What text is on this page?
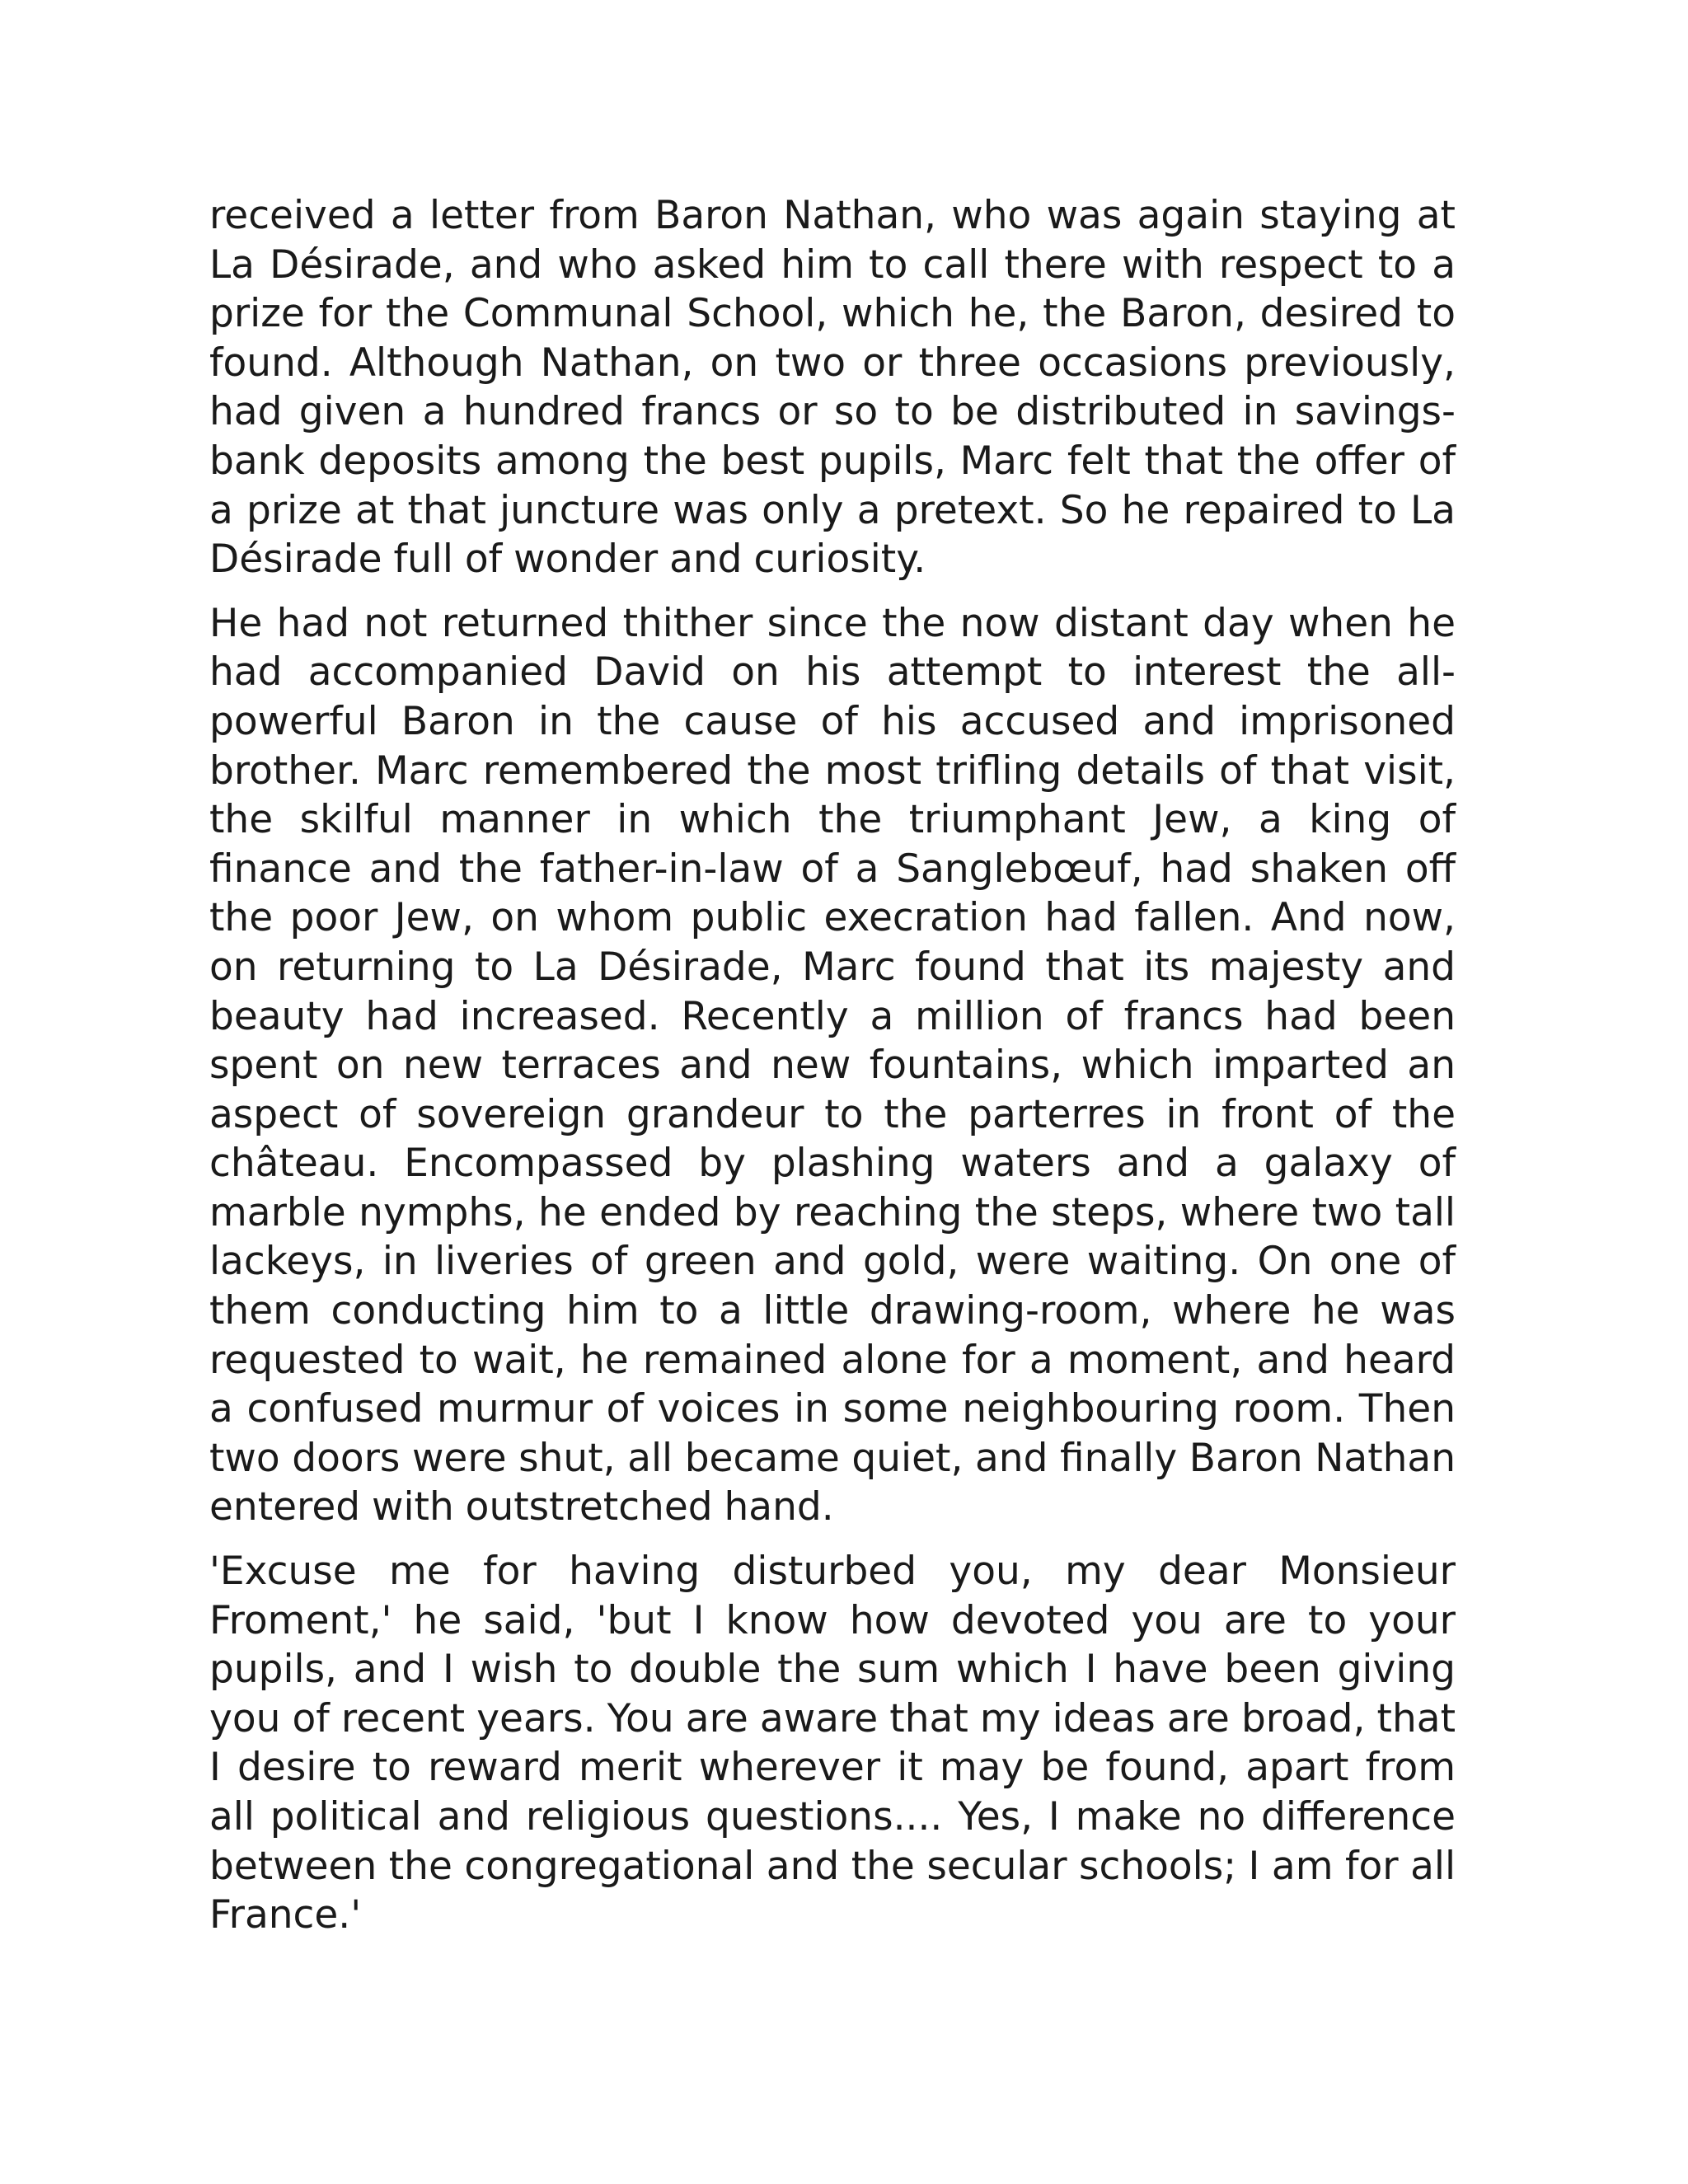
received a letter from Baron Nathan, who was again staying at La Désirade, and who asked him to call there with respect to a prize for the Communal School, which he, the Baron, desired to found. Although Nathan, on two or three occasions previously, had given a hundred francs or so to be distributed in savings-bank deposits among the best pupils, Marc felt that the offer of a prize at that juncture was only a pretext. So he repaired to La Désirade full of wonder and curiosity.

He had not returned thither since the now distant day when he had accompanied David on his attempt to interest the all-powerful Baron in the cause of his accused and imprisoned brother. Marc remembered the most trifling details of that visit, the skilful manner in which the triumphant Jew, a king of finance and the father-in-law of a Sanglebœuf, had shaken off the poor Jew, on whom public execration had fallen. And now, on returning to La Désirade, Marc found that its majesty and beauty had increased. Recently a million of francs had been spent on new terraces and new fountains, which imparted an aspect of sovereign grandeur to the parterres in front of the château. Encompassed by plashing waters and a galaxy of marble nymphs, he ended by reaching the steps, where two tall lackeys, in liveries of green and gold, were waiting. On one of them conducting him to a little drawing-room, where he was requested to wait, he remained alone for a moment, and heard a confused murmur of voices in some neighbouring room. Then two doors were shut, all became quiet, and finally Baron Nathan entered with outstretched hand.

'Excuse me for having disturbed you, my dear Monsieur Froment,' he said, 'but I know how devoted you are to your pupils, and I wish to double the sum which I have been giving you of recent years. You are aware that my ideas are broad, that I desire to reward merit wherever it may be found, apart from all political and religious questions.... Yes, I make no difference between the congregational and the secular schools; I am for all France.'
